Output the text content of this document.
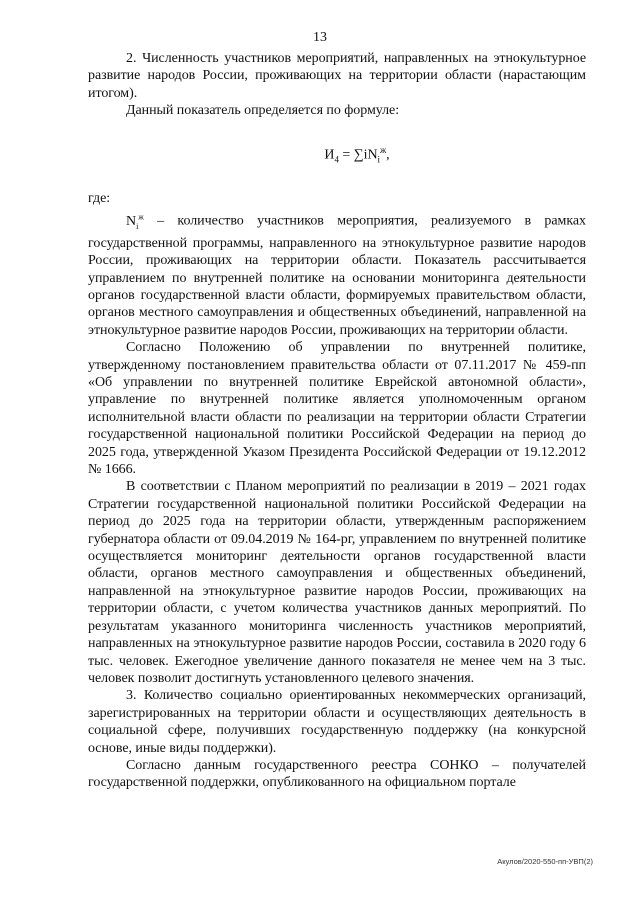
13

2. Численность участников мероприятий, направленных на этнокультурное развитие народов России, проживающих на территории области (нарастающим итогом).

Данный показатель определяется по формуле:

$И_4 = \sum iN_i^ж$,

где:

$N_i^ж$ – количество участников мероприятия, реализуемого в рамках государственной программы, направленного на этнокультурное развитие народов России, проживающих на территории области. Показатель рассчитывается управлением по внутренней политике на основании мониторинга деятельности органов государственной власти области, формируемых правительством области, органов местного самоуправления и общественных объединений, направленной на этнокультурное развитие народов России, проживающих на территории области.

Согласно Положению об управлении по внутренней политике, утвержденному постановлением правительства области от 07.11.2017 № 459-пп «Об управлении по внутренней политике Еврейской автономной области», управление по внутренней политике является уполномоченным органом исполнительной власти области по реализации на территории области Стратегии государственной национальной политики Российской Федерации на период до 2025 года, утвержденной Указом Президента Российской Федерации от 19.12.2012 № 1666.

В соответствии с Планом мероприятий по реализации в 2019 – 2021 годах Стратегии государственной национальной политики Российской Федерации на период до 2025 года на территории области, утвержденным распоряжением губернатора области от 09.04.2019 № 164-рг, управлением по внутренней политике осуществляется мониторинг деятельности органов государственной власти области, органов местного самоуправления и общественных объединений, направленной на этнокультурное развитие народов России, проживающих на территории области, с учетом количества участников данных мероприятий. По результатам указанного мониторинга численность участников мероприятий, направленных на этнокультурное развитие народов России, составила в 2020 году 6 тыс. человек. Ежегодное увеличение данного показателя не менее чем на 3 тыс. человек позволит достигнуть установленного целевого значения.

3. Количество социально ориентированных некоммерческих организаций, зарегистрированных на территории области и осуществляющих деятельность в социальной сфере, получивших государственную поддержку (на конкурсной основе, иные виды поддержки).

Согласно данным государственного реестра СОНКО – получателей государственной поддержки, опубликованного на официальном портале

Акулов/2020-550-пп-УВП(2)
